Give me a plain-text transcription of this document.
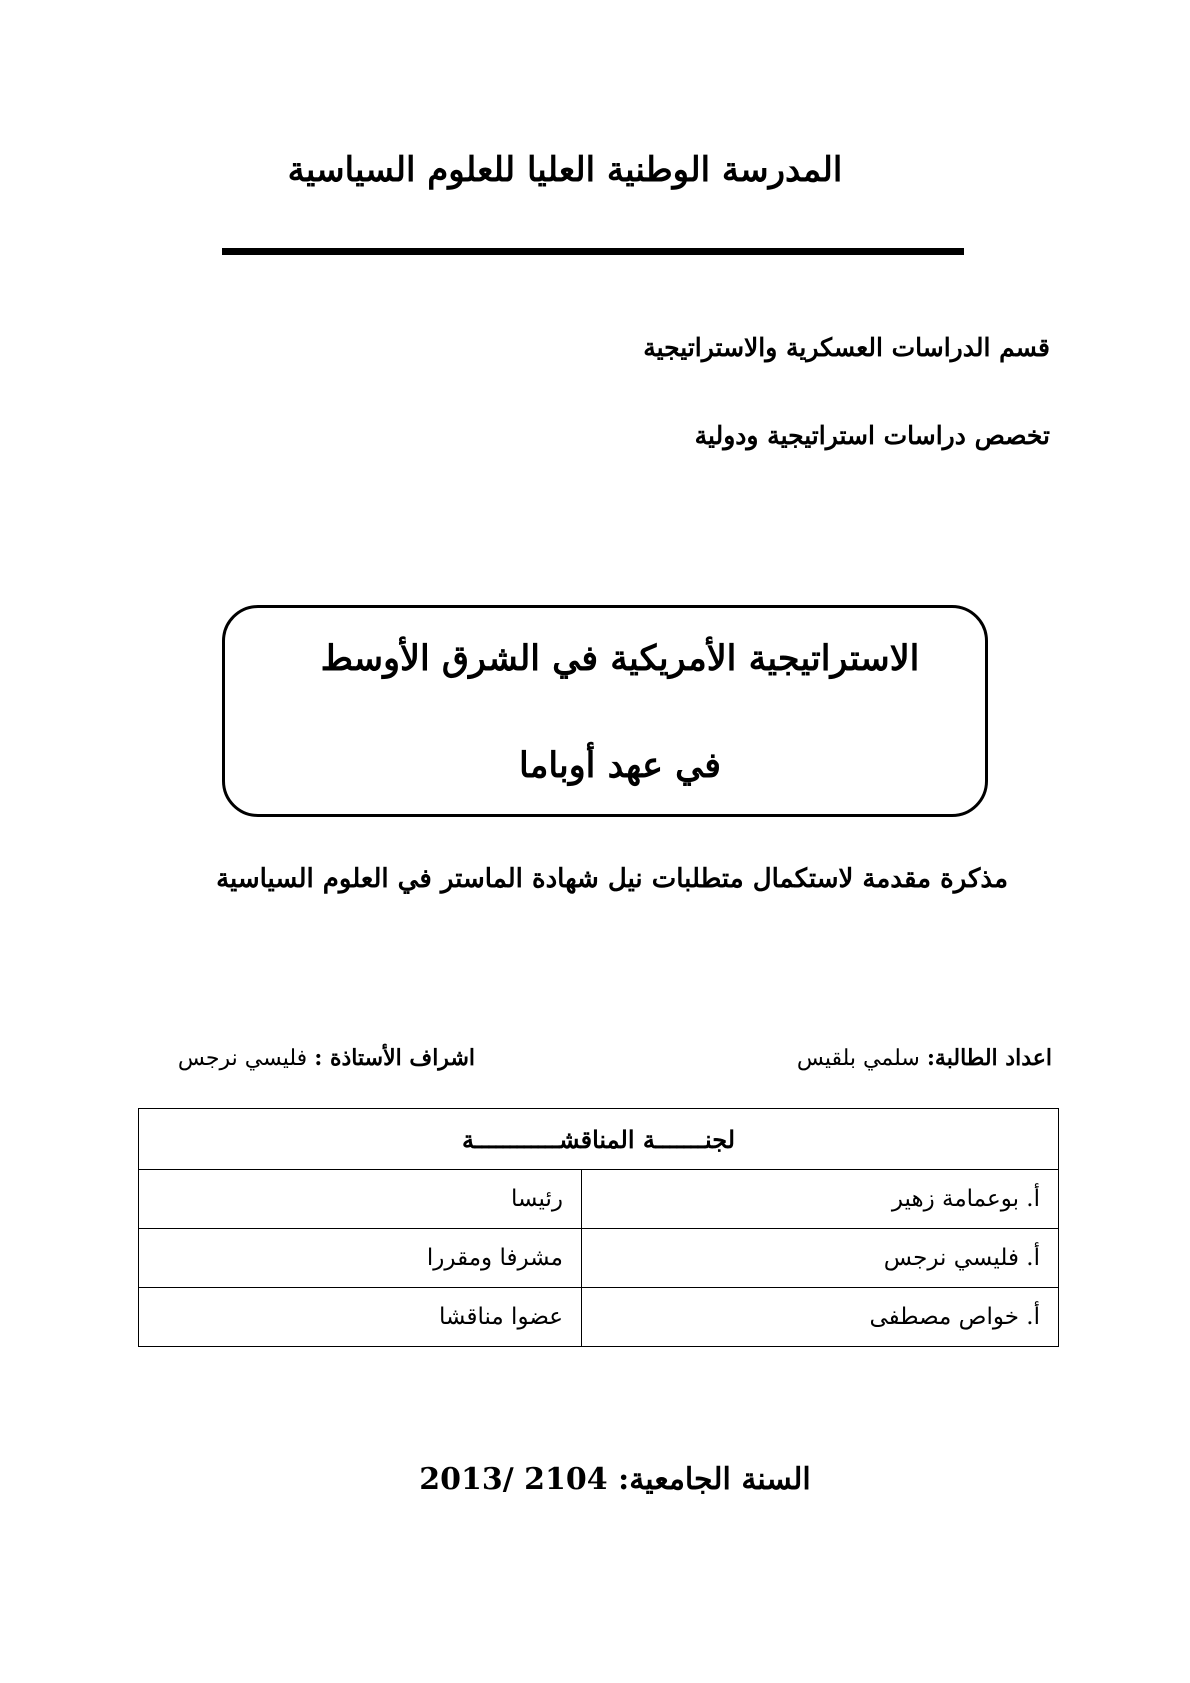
المدرسة الوطنية العليا للعلوم السياسية
قسم الدراسات العسكرية والاستراتيجية
تخصص دراسات استراتيجية ودولية
الاستراتيجية الأمريكية في الشرق الأوسط
في عهد أوباما
مذكرة مقدمة لاستكمال متطلبات نيل شهادة الماستر في العلوم السياسية
اعداد الطالبة: سلمي بلقيس
اشراف الأستاذة : فليسي نرجس
لجنـــــــة المناقشــــــــــــة	
أ. بوعمامة زهير	رئيسا
أ. فليسي نرجس	مشرفا ومقررا
أ. خواص مصطفى	عضوا مناقشا
السنة الجامعية: 2013/ 2104
